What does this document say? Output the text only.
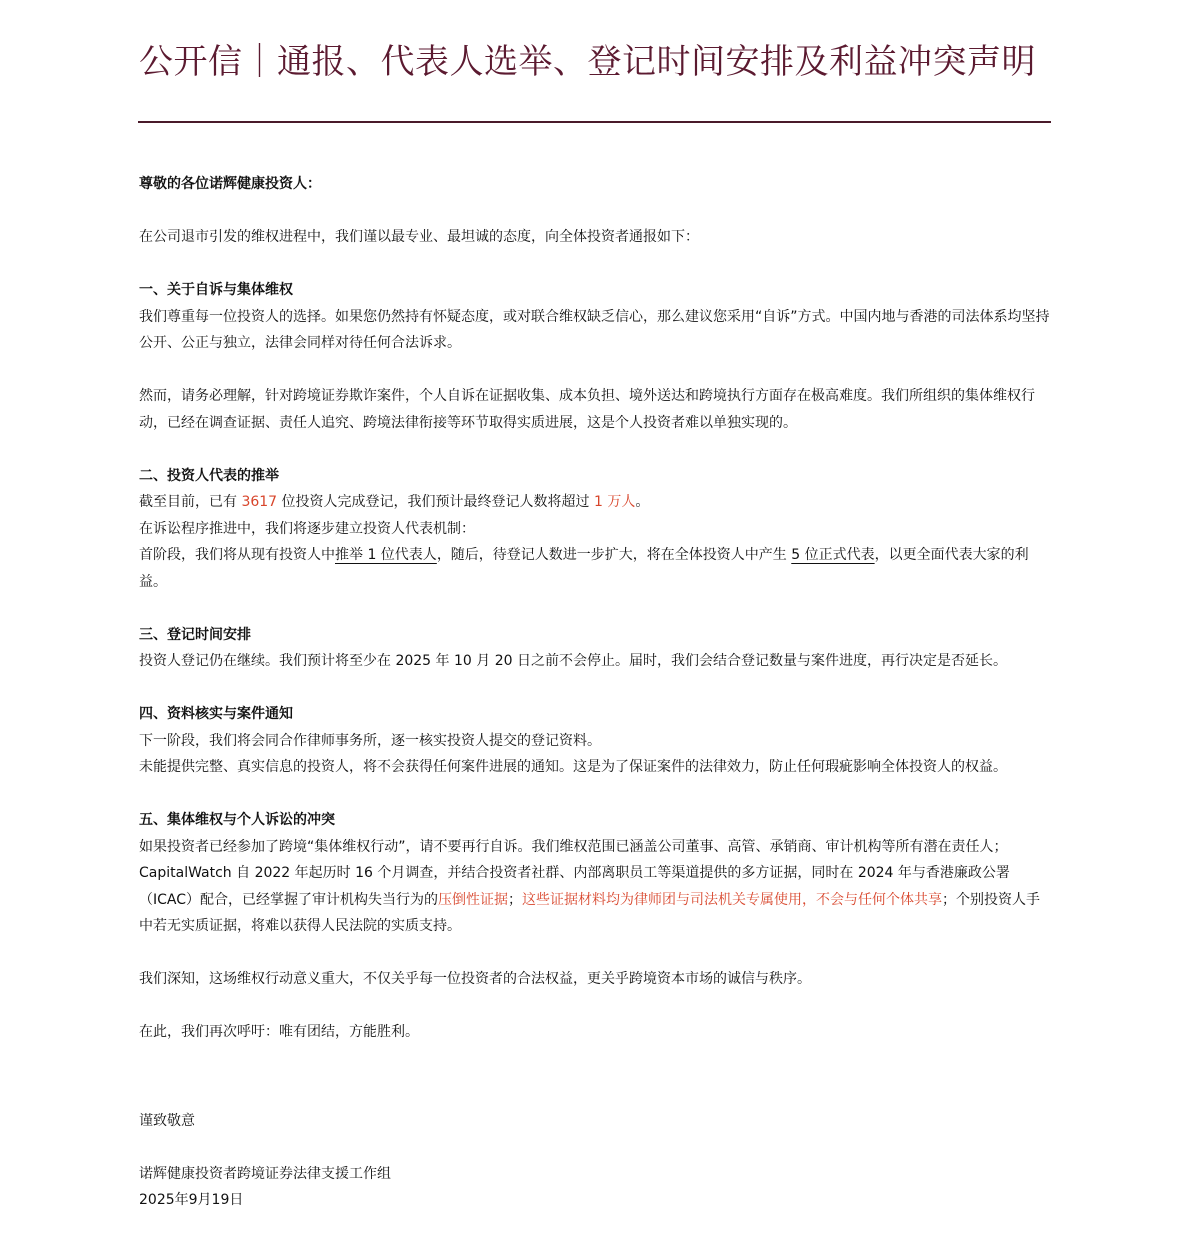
公开信｜通报、代表人选举、登记时间安排及利益冲突声明

尊敬的各位诺辉健康投资人：

在公司退市引发的维权进程中，我们谨以最专业、最坦诚的态度，向全体投资者通报如下：

一、关于自诉与集体维权

我们尊重每一位投资人的选择。如果您仍然持有怀疑态度，或对联合维权缺乏信心，那么建议您采用“自诉”方式。中国内地与香港的司法体系均坚持公开、公正与独立，法律会同样对待任何合法诉求。

然而，请务必理解，针对跨境证券欺诈案件，个人自诉在证据收集、成本负担、境外送达和跨境执行方面存在极高难度。我们所组织的集体维权行动，已经在调查证据、责任人追究、跨境法律衔接等环节取得实质进展，这是个人投资者难以单独实现的。

二、投资人代表的推举

截至目前，已有 3617 位投资人完成登记，我们预计最终登记人数将超过 1 万人。

在诉讼程序推进中，我们将逐步建立投资人代表机制：

首阶段，我们将从现有投资人中推举 1 位代表人，随后，待登记人数进一步扩大，将在全体投资人中产生 5 位正式代表，以更全面代表大家的利益。

三、登记时间安排

投资人登记仍在继续。我们预计将至少在 2025 年 10 月 20 日之前不会停止。届时，我们会结合登记数量与案件进度，再行决定是否延长。

四、资料核实与案件通知

下一阶段，我们将会同合作律师事务所，逐一核实投资人提交的登记资料。

未能提供完整、真实信息的投资人，将不会获得任何案件进展的通知。这是为了保证案件的法律效力，防止任何瑕疵影响全体投资人的权益。

五、集体维权与个人诉讼的冲突

如果投资者已经参加了跨境“集体维权行动”，请不要再行自诉。我们维权范围已涵盖公司董事、高管、承销商、审计机构等所有潜在责任人；CapitalWatch 自 2022 年起历时 16 个月调查，并结合投资者社群、内部离职员工等渠道提供的多方证据，同时在 2024 年与香港廉政公署（ICAC）配合，已经掌握了审计机构失当行为的压倒性证据；这些证据材料均为律师团与司法机关专属使用，不会与任何个体共享；个别投资人手中若无实质证据，将难以获得人民法院的实质支持。

我们深知，这场维权行动意义重大，不仅关乎每一位投资者的合法权益，更关乎跨境资本市场的诚信与秩序。

在此，我们再次呼吁：唯有团结，方能胜利。

谨致敬意

诺辉健康投资者跨境证券法律支援工作组

2025年9月19日
